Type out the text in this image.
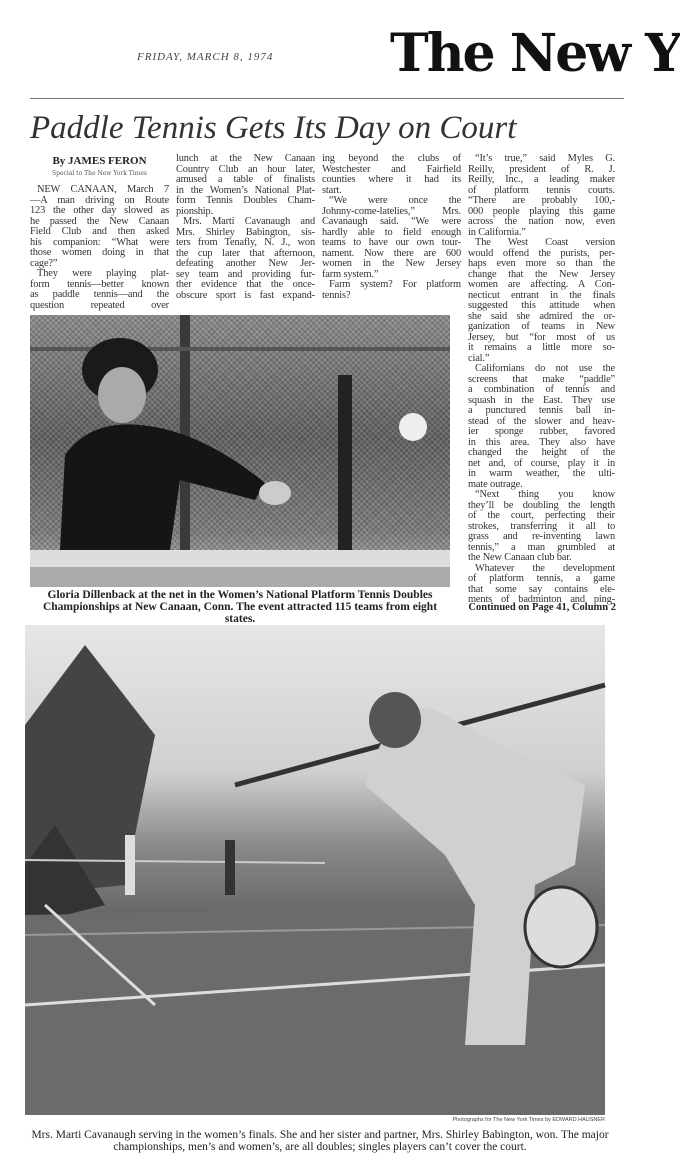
FRIDAY, MARCH 8, 1974 The New Y
Paddle Tennis Gets Its Day on Court
By JAMES FERON
Special to The New York Times
NEW CANAAN, March 7
—A man driving on Route
123 the other day slowed as
he passed the New Canaan
Field Club and then asked
his companion: “What were
those women doing in that
cage?”
They were playing plat-
form tennis—better known
as paddle tennis—and the
question repeated over
lunch at the New Canaan
Country Club an hour later,
amused a table of finalists
in the Women’s National Plat-
form Tennis Doubles Cham-
pionship.
Mrs. Marti Cavanaugh and
Mrs. Shirley Babington, sis-
ters from Tenafly, N. J., won
the cup later that afternoon,
defeating another New Jer-
sey team and providing fur-
ther evidence that the once-
obscure sport is fast expand-
ing beyond the clubs of
Westchester and Fairfield
counties where it had its
start.
“We were once the
Johnny-come-latelies,” Mrs.
Cavanaugh said. “We were
hardly able to field enough
teams to have our own tour-
nament. Now there are 600
women in the New Jersey
farm system.”
Farm system? For platform
tennis?
“It’s true,” said Myles G.
Reilly, president of R. J.
Reilly, Inc., a leading maker
of platform tennis courts.
“There are probably 100,-
000 people playing this game
across the nation now, even
in California.”
The West Coast version
would offend the purists, per-
haps even more so than the
change that the New Jersey
women are affecting. A Con-
necticut entrant in the finals
suggested this attitude when
she said she admired the or-
ganization of teams in New
Jersey, but “for most of us
it remains a little more so-
cial.”
Californians do not use the
screens that make “paddle”
a combination of tennis and
squash in the East. They use
a punctured tennis ball in-
stead of the slower and heav-
ier sponge rubber, favored
in this area. They also have
changed the height of the
net and, of course, play it in
in warm weather, the ulti-
mate outrage.
“Next thing you know
they’ll be doubling the length
of the court, perfecting their
strokes, transferring it all to
grass and re-inventing lawn
tennis,” a man grumbled at
the New Canaan club bar.
Whatever the development
of platform tennis, a game
that some say contains ele-
ments of badminton and ping-
Gloria Dillenback at the net in the Women’s National Platform Tennis Doubles Championships at New Canaan, Conn. The event attracted 115 teams from eight states.
Continued on Page 41, Column 2
Photographs for The New York Times by EDWARD HAUSNER
Mrs. Marti Cavanaugh serving in the women’s finals. She and her sister and partner, Mrs. Shirley Babington, won. The major championships, men’s and women’s, are all doubles; singles players can’t cover the court.
